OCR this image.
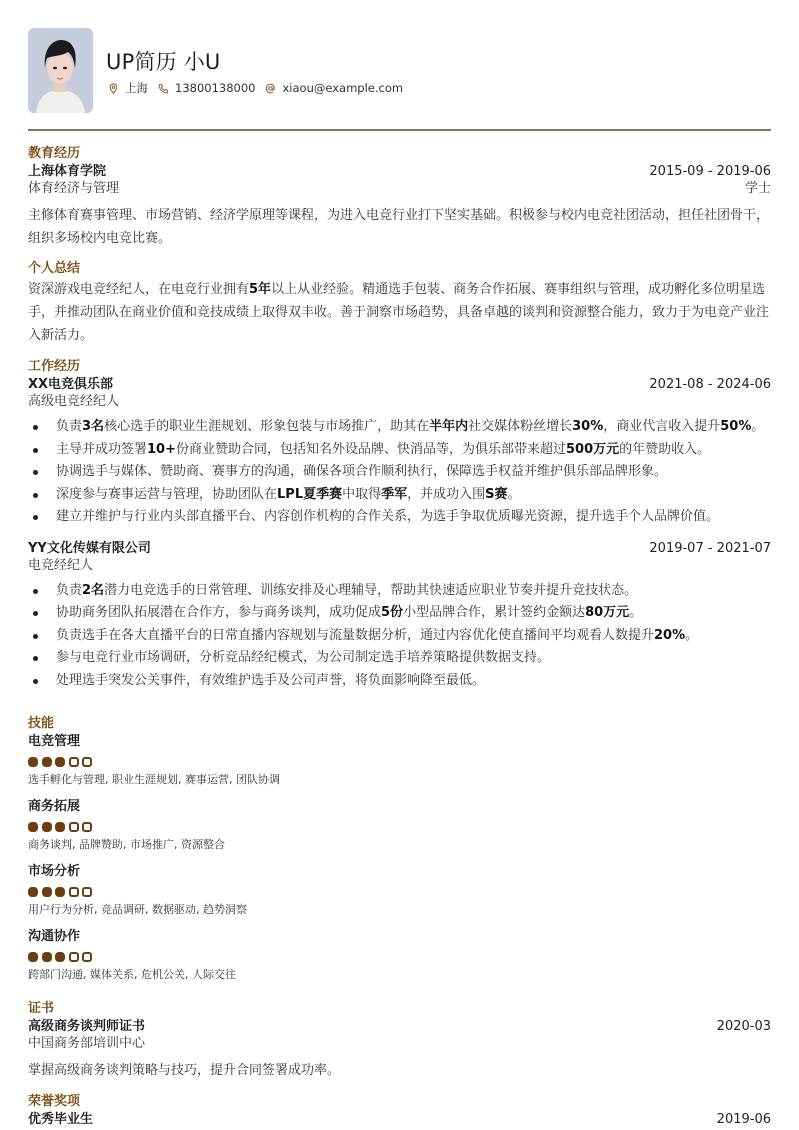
UP简历 小U
上海 13800138000 xiaou@example.com
教育经历
上海体育学院	2015-09 - 2019-06
体育经济与管理	学士
主修体育赛事管理、市场营销、经济学原理等课程，为进入电竞行业打下坚实基础。积极参与校内电竞社团活动，担任社团骨干，组织多场校内电竞比赛。
个人总结
资深游戏电竞经纪人，在电竞行业拥有5年以上从业经验。精通选手包装、商务合作拓展、赛事组织与管理，成功孵化多位明星选手，并推动团队在商业价值和竞技成绩上取得双丰收。善于洞察市场趋势，具备卓越的谈判和资源整合能力，致力于为电竞产业注入新活力。
工作经历
XX电竞俱乐部	2021-08 - 2024-06
高级电竞经纪人
负责3名核心选手的职业生涯规划、形象包装与市场推广，助其在半年内社交媒体粉丝增长30%，商业代言收入提升50%。
主导并成功签署10+份商业赞助合同，包括知名外设品牌、快消品等，为俱乐部带来超过500万元的年赞助收入。
协调选手与媒体、赞助商、赛事方的沟通，确保各项合作顺利执行，保障选手权益并维护俱乐部品牌形象。
深度参与赛事运营与管理，协助团队在LPL夏季赛中取得季军，并成功入围S赛。
建立并维护与行业内头部直播平台、内容创作机构的合作关系，为选手争取优质曝光资源，提升选手个人品牌价值。
YY文化传媒有限公司	2019-07 - 2021-07
电竞经纪人
负责2名潜力电竞选手的日常管理、训练安排及心理辅导，帮助其快速适应职业节奏并提升竞技状态。
协助商务团队拓展潜在合作方，参与商务谈判，成功促成5份小型品牌合作，累计签约金额达80万元。
负责选手在各大直播平台的日常直播内容规划与流量数据分析，通过内容优化使直播间平均观看人数提升20%。
参与电竞行业市场调研，分析竞品经纪模式，为公司制定选手培养策略提供数据支持。
处理选手突发公关事件，有效维护选手及公司声誉，将负面影响降至最低。
技能
电竞管理
选手孵化与管理, 职业生涯规划, 赛事运营, 团队协调
商务拓展
商务谈判, 品牌赞助, 市场推广, 资源整合
市场分析
用户行为分析, 竞品调研, 数据驱动, 趋势洞察
沟通协作
跨部门沟通, 媒体关系, 危机公关, 人际交往
证书
高级商务谈判师证书	2020-03
中国商务部培训中心
掌握高级商务谈判策略与技巧，提升合同签署成功率。
荣誉奖项
优秀毕业生	2019-06
